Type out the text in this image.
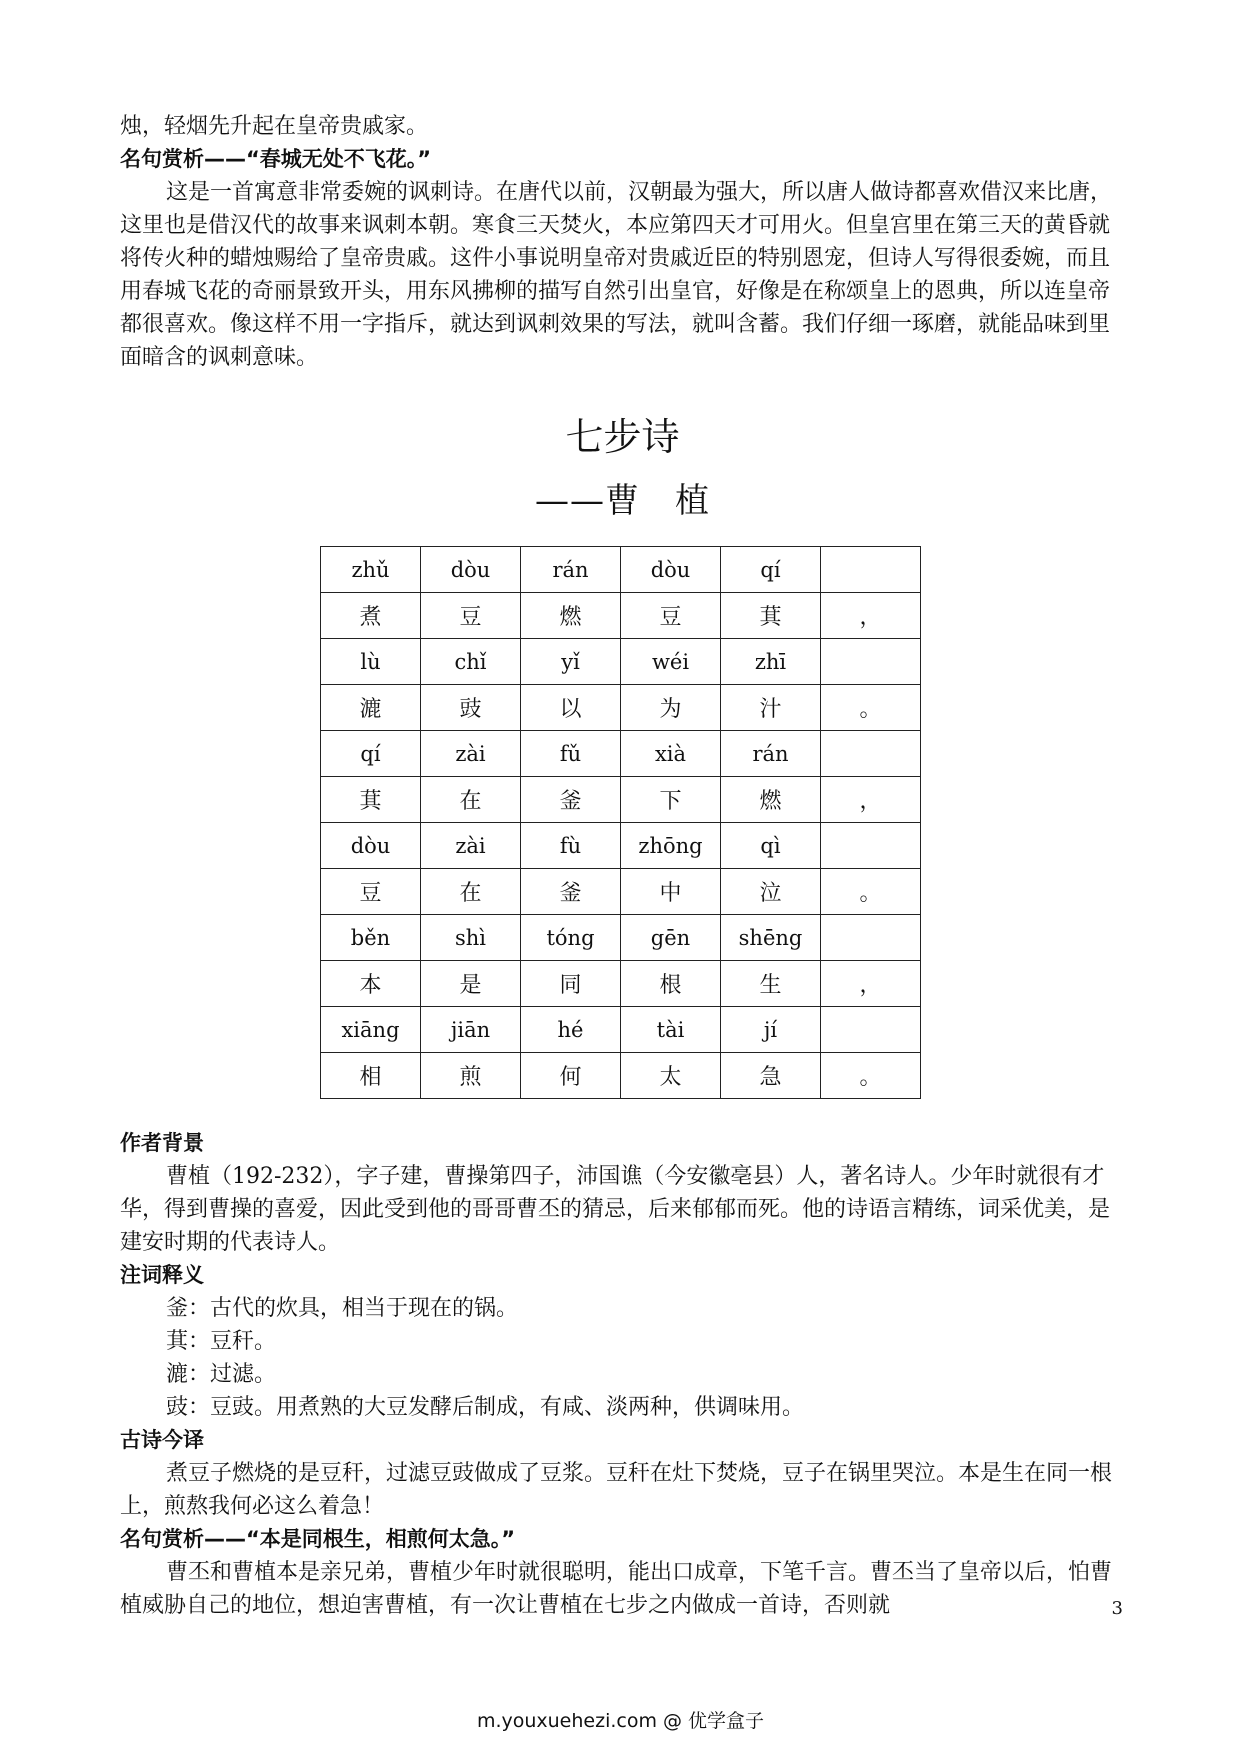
烛，轻烟先升起在皇帝贵戚家。

名句赏析——“春城无处不飞花。”

这是一首寓意非常委婉的讽刺诗。在唐代以前，汉朝最为强大，所以唐人做诗都喜欢借汉来比唐，这里也是借汉代的故事来讽刺本朝。寒食三天焚火，本应第四天才可用火。但皇宫里在第三天的黄昏就将传火种的蜡烛赐给了皇帝贵戚。这件小事说明皇帝对贵戚近臣的特别恩宠，但诗人写得很委婉，而且用春城飞花的奇丽景致开头，用东风拂柳的描写自然引出皇官，好像是在称颂皇上的恩典，所以连皇帝都很喜欢。像这样不用一字指斥，就达到讽刺效果的写法，就叫含蓄。我们仔细一琢磨，就能品味到里面暗含的讽刺意味。

七步诗
——曹　植
zhǔ	dòu	rán	dòu	qí	
煮	豆	燃	豆	萁	，
lù	chǐ	yǐ	wéi	zhī	
漉	豉	以	为	汁	。
qí	zài	fǔ	xià	rán	
萁	在	釜	下	燃	，
dòu	zài	fù	zhōng	qì	
豆	在	釜	中	泣	。
běn	shì	tóng	gēn	shēng	
本	是	同	根	生	，
xiāng	jiān	hé	tài	jí	
相	煎	何	太	急	。
作者背景

曹植（192-232），字子建，曹操第四子，沛国谯（今安徽亳县）人，著名诗人。少年时就很有才华，得到曹操的喜爱，因此受到他的哥哥曹丕的猜忌，后来郁郁而死。他的诗语言精练，词采优美，是建安时期的代表诗人。

注词释义

釜：古代的炊具，相当于现在的锅。

萁：豆秆。

漉：过滤。

豉：豆豉。用煮熟的大豆发酵后制成，有咸、淡两种，供调味用。

古诗今译

煮豆子燃烧的是豆秆，过滤豆豉做成了豆浆。豆秆在灶下焚烧，豆子在锅里哭泣。本是生在同一根上，煎熬我何必这么着急！

名句赏析——“本是同根生，相煎何太急。”

曹丕和曹植本是亲兄弟，曹植少年时就很聪明，能出口成章，下笔千言。曹丕当了皇帝以后，怕曹植威胁自己的地位，想迫害曹植，有一次让曹植在七步之内做成一首诗，否则就	3
m.youxuehezi.com @ 优学盒子
